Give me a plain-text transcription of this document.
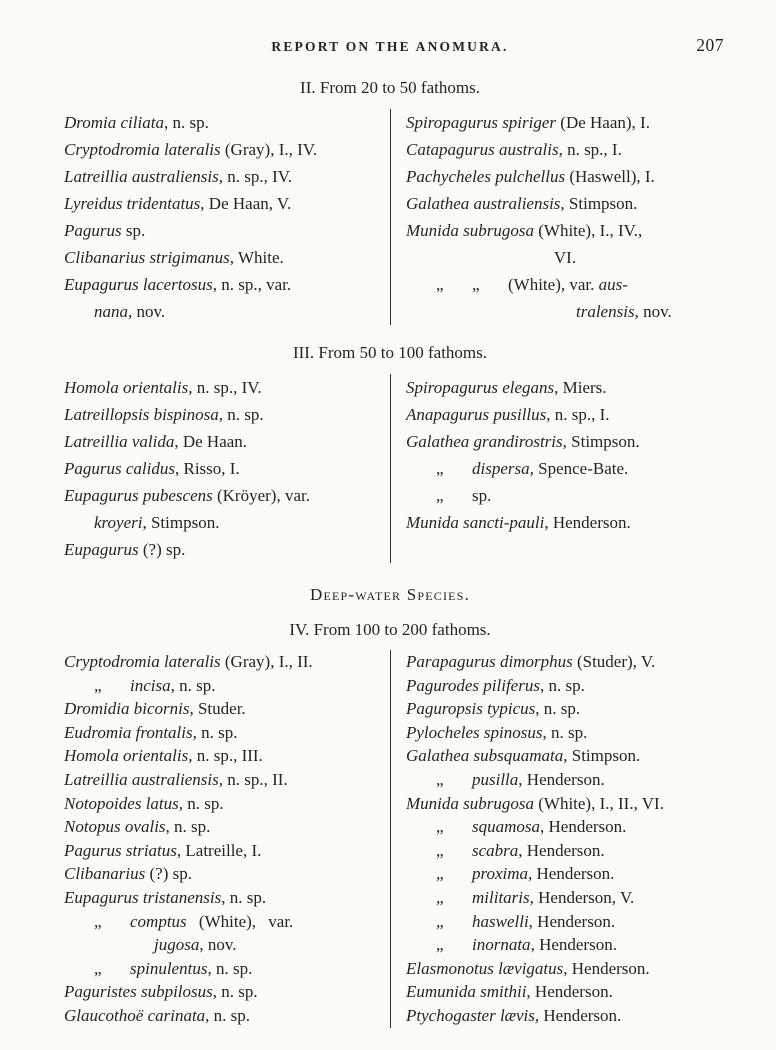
REPORT ON THE ANOMURA.	207
II. From 20 to 50 fathoms.
Dromia ciliata, n. sp.
Cryptodromia lateralis (Gray), I., IV.
Latreillia australiensis, n. sp., IV.
Lyreidus tridentatus, De Haan, V.
Pagurus sp.
Clibanarius strigimanus, White.
Eupagurus lacertosus, n. sp., var.
nana, nov.
Spiropagurus spiriger (De Haan), I.
Catapagurus australis, n. sp., I.
Pachycheles pulchellus (Haswell), I.
Galathea australiensis, Stimpson.
Munida subrugosa (White), I., IV.,
VI.
„ „ (White), var. aus-
tralensis, nov.
III. From 50 to 100 fathoms.
Homola orientalis, n. sp., IV.
Latreillopsis bispinosa, n. sp.
Latreillia valida, De Haan.
Pagurus calidus, Risso, I.
Eupagurus pubescens (Kröyer), var.
kroyeri, Stimpson.
Eupagurus (?) sp.
Spiropagurus elegans, Miers.
Anapagurus pusillus, n. sp., I.
Galathea grandirostris, Stimpson.
„ dispersa, Spence-Bate.
„ sp.
Munida sancti-pauli, Henderson.
Deep-water Species.
IV. From 100 to 200 fathoms.
Cryptodromia lateralis (Gray), I., II.
„ incisa, n. sp.
Dromidia bicornis, Studer.
Eudromia frontalis, n. sp.
Homola orientalis, n. sp., III.
Latreillia australiensis, n. sp., II.
Notopoides latus, n. sp.
Notopus ovalis, n. sp.
Pagurus striatus, Latreille, I.
Clibanarius (?) sp.
Eupagurus tristanensis, n. sp.
„ comptus (White), var.
jugosa, nov.
„ spinulentus, n. sp.
Paguristes subpilosus, n. sp.
Glaucothoë carinata, n. sp.
Parapagurus dimorphus (Studer), V.
Pagurodes piliferus, n. sp.
Paguropsis typicus, n. sp.
Pylocheles spinosus, n. sp.
Galathea subsquamata, Stimpson.
„ pusilla, Henderson.
Munida subrugosa (White), I., II., VI.
„ squamosa, Henderson.
„ scabra, Henderson.
„ proxima, Henderson.
„ militaris, Henderson, V.
„ haswelli, Henderson.
„ inornata, Henderson.
Elasmonotus lævigatus, Henderson.
Eumunida smithii, Henderson.
Ptychogaster lævis, Henderson.
